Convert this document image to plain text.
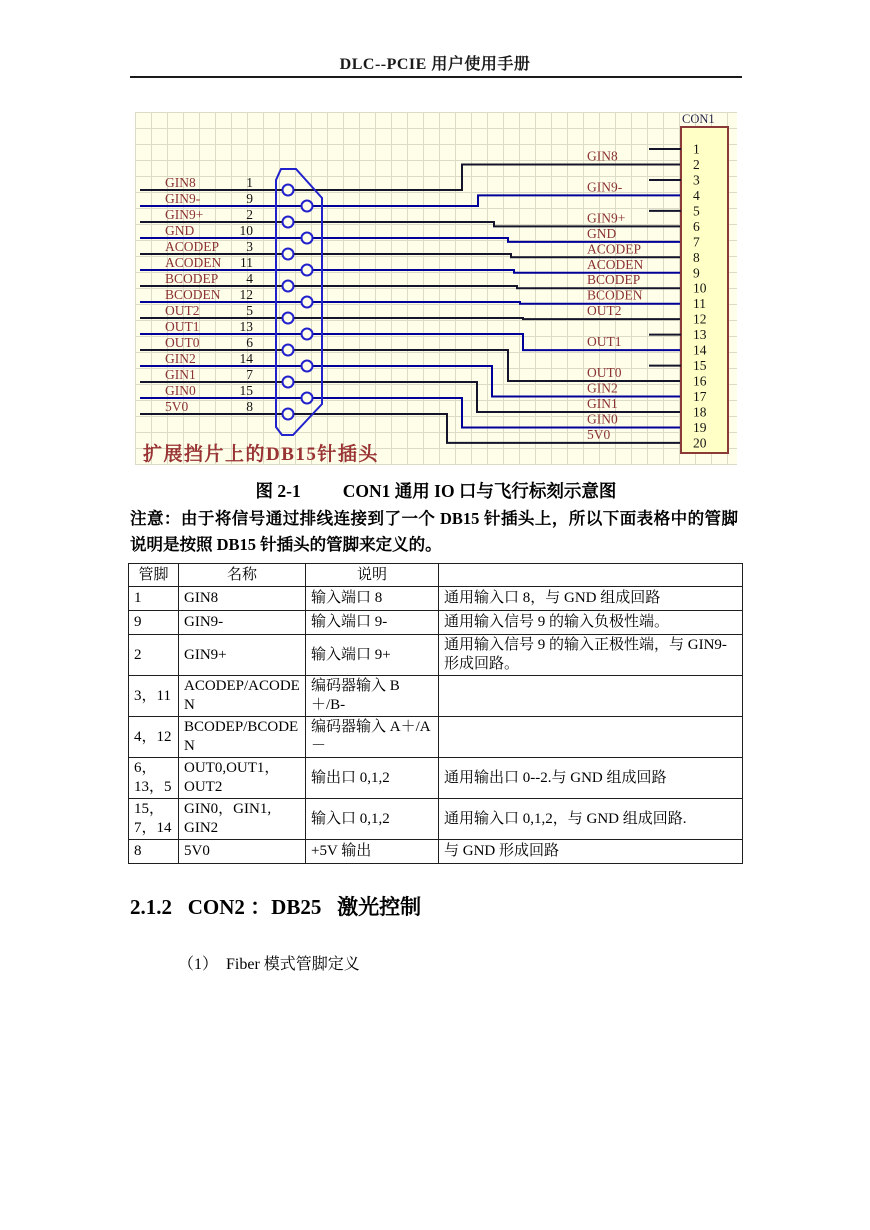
DLC--PCIE 用户使用手册
GIN8	1
GIN8
GIN9-	9
GIN9-
GIN9+	2	GIN9+
GND	10	GND
ACODEP 3	ACODEP
ACODEN 11	ACODEN
BCODEP 4	BCODEP
BCODEN 12	BCODEN
OUT2	5	OUT2
OUT1	13
OUT1
OUT0	6
OUT0
GIN2	14
GIN2
GIN1	7
GIN1
GIN0	15
GIN0
5V0	8
5V0
CON1
1
2
3
4
5
6
7
8
9
10
11
12
13
14
15
16
17
18
19
20
扩展挡片上的DB15针插头
图 2-1 CON1 通用 IO 口与飞行标刻示意图
注意：由于将信号通过排线连接到了一个 DB15 针插头上，所以下面表格中的管脚说明是按照 DB15 针插头的管脚来定义的。
管脚	名称	说明	
1	GIN8	输入端口 8	通用输入口 8，与 GND 组成回路
9	GIN9-	输入端口 9-	通用输入信号 9 的输入负极性端。
2	GIN9+	输入端口 9+	通用输入信号 9 的输入正极性端，与 GIN9- 形成回路。
3，11	ACODEP/ACODEN	编码器输入 B＋/B-	
4，12	BCODEP/BCODEN	编码器输入 A＋/A－	
6，13，5	OUT0,OUT1，OUT2	输出口 0,1,2	通用输出口 0--2.与 GND 组成回路
15，7，14	GIN0，GIN1, GIN2	输入口 0,1,2	通用输入口 0,1,2，与 GND 组成回路.
8	5V0	+5V 输出	与 GND 形成回路
2.1.2   CON2 ：DB25   激光控制
（1）  Fiber 模式管脚定义
